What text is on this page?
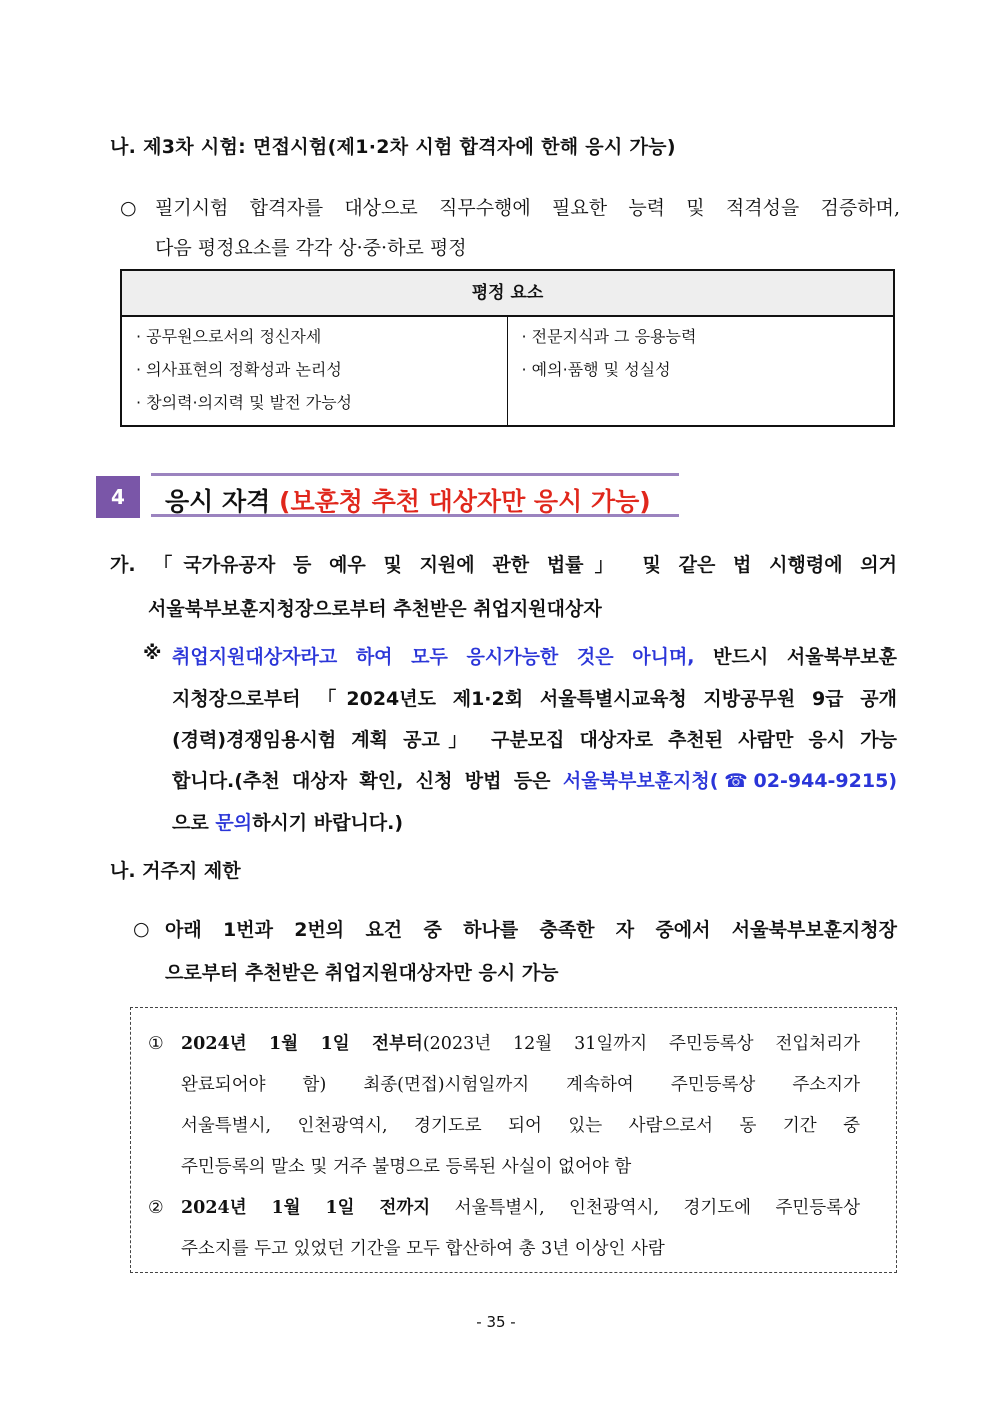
나. 제3차 시험: 면접시험(제1·2차 시험 합격자에 한해 응시 가능)
○ 필기시험 합격자를 대상으로 직무수행에 필요한 능력 및 적격성을 검증하며,
다음 평정요소를 각각 상·중·하로 평정
평정 요소
· 공무원으로서의 정신자세
· 의사표현의 정확성과 논리성
· 창의력·의지력 및 발전 가능성
· 전문지식과 그 응용능력
· 예의·품행 및 성실성
4	응시 자격 (보훈청 추천 대상자만 응시 가능)
가. 「국가유공자 등 예우 및 지원에 관한 법률」 및 같은 법 시행령에 의거
서울북부보훈지청장으로부터 추천받은 취업지원대상자
※ 취업지원대상자라고 하여 모두 응시가능한 것은 아니며, 반드시 서울북부보훈
지청장으로부터 「2024년도 제1·2회 서울특별시교육청 지방공무원 9급 공개
(경력)경쟁임용시험 계획 공고」 구분모집 대상자로 추천된 사람만 응시 가능
합니다.(추천 대상자 확인, 신청 방법 등은 서울북부보훈지청(☎02-944-9215)
으로 문의하시기 바랍니다.)
나. 거주지 제한
○ 아래 1번과 2번의 요건 중 하나를 충족한 자 중에서 서울북부보훈지청장
으로부터 추천받은 취업지원대상자만 응시 가능
① 2024년 1월 1일 전부터(2023년 12월 31일까지 주민등록상 전입처리가
완료되어야 함) 최종(면접)시험일까지 계속하여 주민등록상 주소지가
서울특별시, 인천광역시, 경기도로 되어 있는 사람으로서 동 기간 중
주민등록의 말소 및 거주 불명으로 등록된 사실이 없어야 함
② 2024년 1월 1일 전까지 서울특별시, 인천광역시, 경기도에 주민등록상
주소지를 두고 있었던 기간을 모두 합산하여 총 3년 이상인 사람
- 35 -
